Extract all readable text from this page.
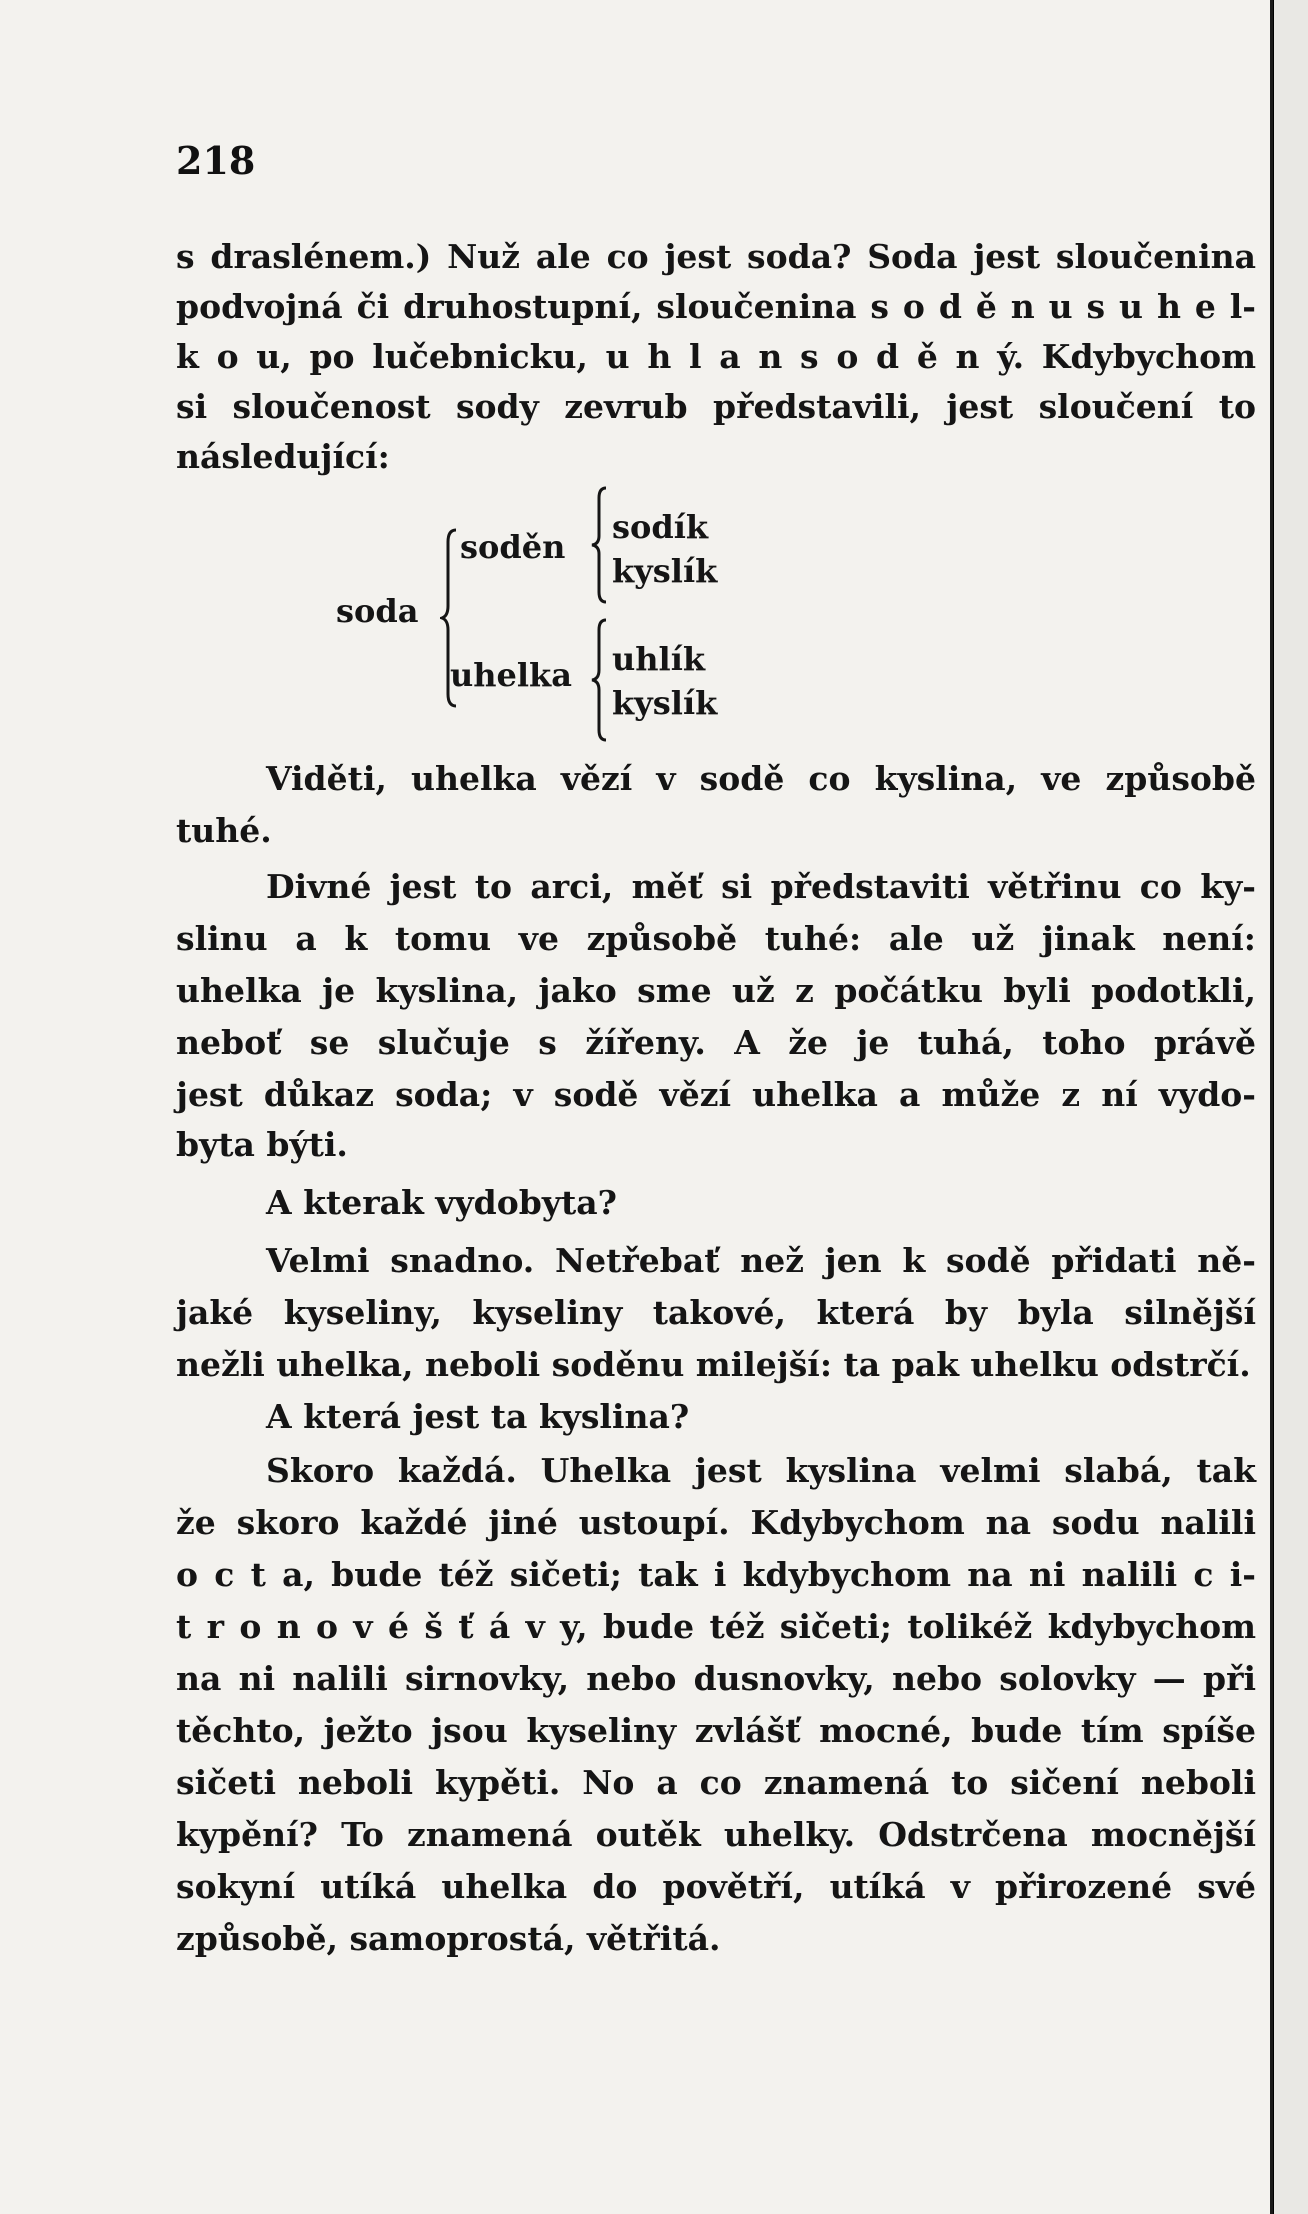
218
s draslénem.) Nuž ale co jest soda? Soda jest sloučenina
podvojná či druhostupní, sloučenina s o d ě n u s u h e l-
k o u, po lučebnicku, u h l a n s o d ě n ý. Kdybychom
si sloučenost sody zevrub představili, jest sloučení to
následující:
Viděti, uhelka vězí v sodě co kyslina, ve způsobě
tuhé.
Divné jest to arci, měť si představiti větřinu co ky-
slinu a k tomu ve způsobě tuhé: ale už jinak není:
uhelka je kyslina, jako sme už z počátku byli podotkli,
neboť se slučuje s žířeny. A že je tuhá, toho právě
jest důkaz soda; v sodě vězí uhelka a může z ní vydo-
byta býti.
A kterak vydobyta?
Velmi snadno. Netřebať než jen k sodě přidati ně-
jaké kyseliny, kyseliny takové, která by byla silnější
nežli uhelka, neboli soděnu milejší: ta pak uhelku odstrčí.
A která jest ta kyslina?
Skoro každá. Uhelka jest kyslina velmi slabá, tak
že skoro každé jiné ustoupí. Kdybychom na sodu nalili
o c t a, bude též sičeti; tak i kdybychom na ni nalili c i-
t r o n o v é š ť á v y, bude též sičeti; tolikéž kdybychom
na ni nalili sirnovky, nebo dusnovky, nebo solovky — při
těchto, ježto jsou kyseliny zvlášť mocné, bude tím spíše
sičeti neboli kypěti. No a co znamená to sičení neboli
kypění? To znamená outěk uhelky. Odstrčena mocnější
sokyní utíká uhelka do povětří, utíká v přirozené své
způsobě, samoprostá, větřitá.
soda
soděn
uhelka
sodík
kyslík
uhlík
kyslík
